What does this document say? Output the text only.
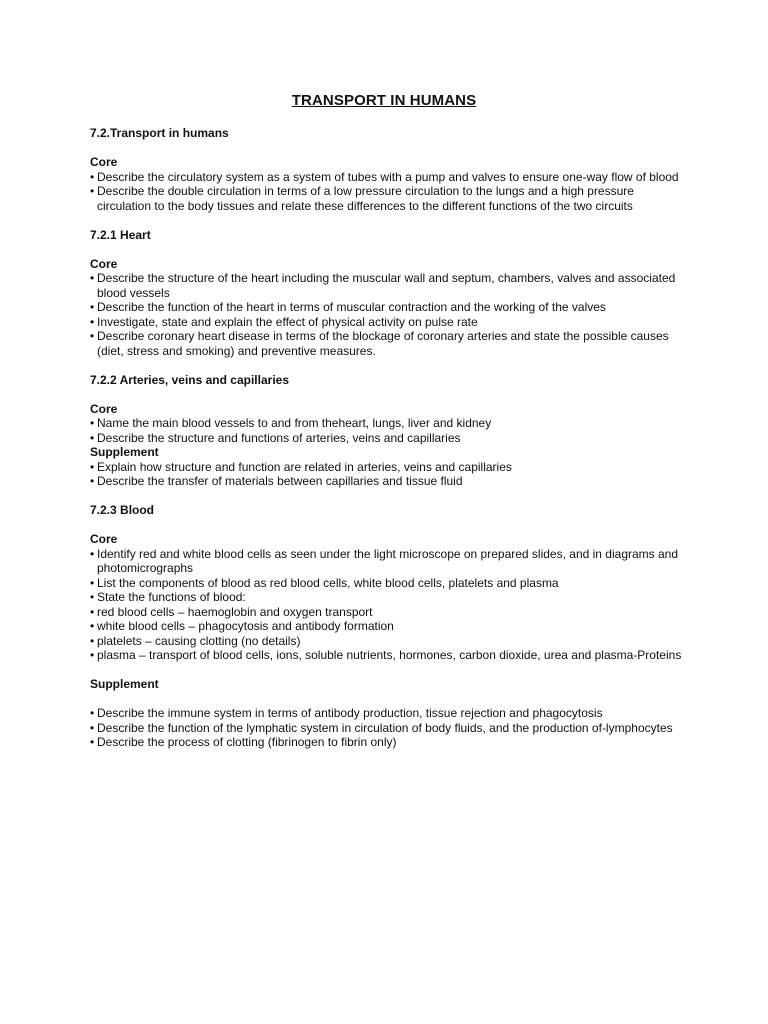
TRANSPORT IN HUMANS
7.2.Transport in humans
Core
• Describe the circulatory system as a system of tubes with a pump and valves to ensure one-way flow of blood
• Describe the double circulation in terms of a low pressure circulation to the lungs and a high pressure circulation to the body tissues and relate these differences to the different functions of the two circuits
7.2.1 Heart
Core
• Describe the structure of the heart including the muscular wall and septum, chambers, valves and associated blood vessels
• Describe the function of the heart in terms of muscular contraction and the working of the valves
• Investigate, state and explain the effect of physical activity on pulse rate
• Describe coronary heart disease in terms of the blockage of coronary arteries and state the possible causes (diet, stress and smoking) and preventive measures.
7.2.2 Arteries, veins and capillaries
Core
• Name the main blood vessels to and from theheart, lungs, liver and kidney
• Describe the structure and functions of arteries, veins and capillaries
Supplement
• Explain how structure and function are related in arteries, veins and capillaries
• Describe the transfer of materials between capillaries and tissue fluid
7.2.3 Blood
Core
• Identify red and white blood cells as seen under the light microscope on prepared slides, and in diagrams and photomicrographs
• List the components of blood as red blood cells, white blood cells, platelets and plasma
• State the functions of blood:
• red blood cells – haemoglobin and oxygen transport
• white blood cells – phagocytosis and antibody formation
• platelets – causing clotting (no details)
• plasma – transport of blood cells, ions, soluble nutrients, hormones, carbon dioxide, urea and plasma-Proteins
Supplement
• Describe the immune system in terms of antibody production, tissue rejection and phagocytosis
• Describe the function of the lymphatic system in circulation of body fluids, and the production of-lymphocytes
• Describe the process of clotting (fibrinogen to fibrin only)
